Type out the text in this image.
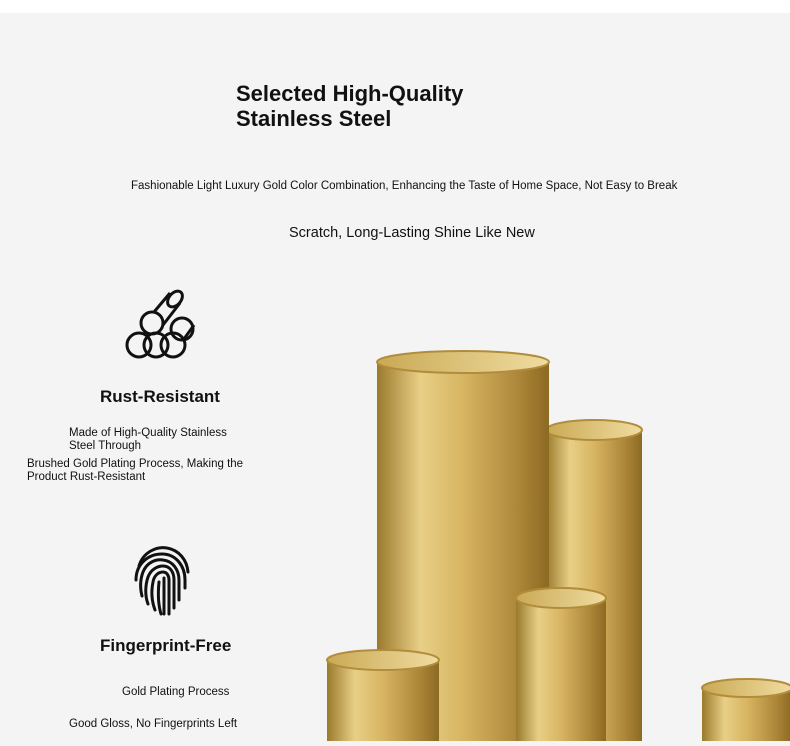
Selected High-Quality
Stainless Steel
Fashionable Light Luxury Gold Color Combination, Enhancing the Taste of Home Space, Not Easy to Break
Scratch, Long-Lasting Shine Like New
Rust-Resistant
Made of High-Quality Stainless
Steel Through
Brushed Gold Plating Process, Making the
Product Rust-Resistant
Fingerprint-Free
Gold Plating Process
Good Gloss, No Fingerprints Left
